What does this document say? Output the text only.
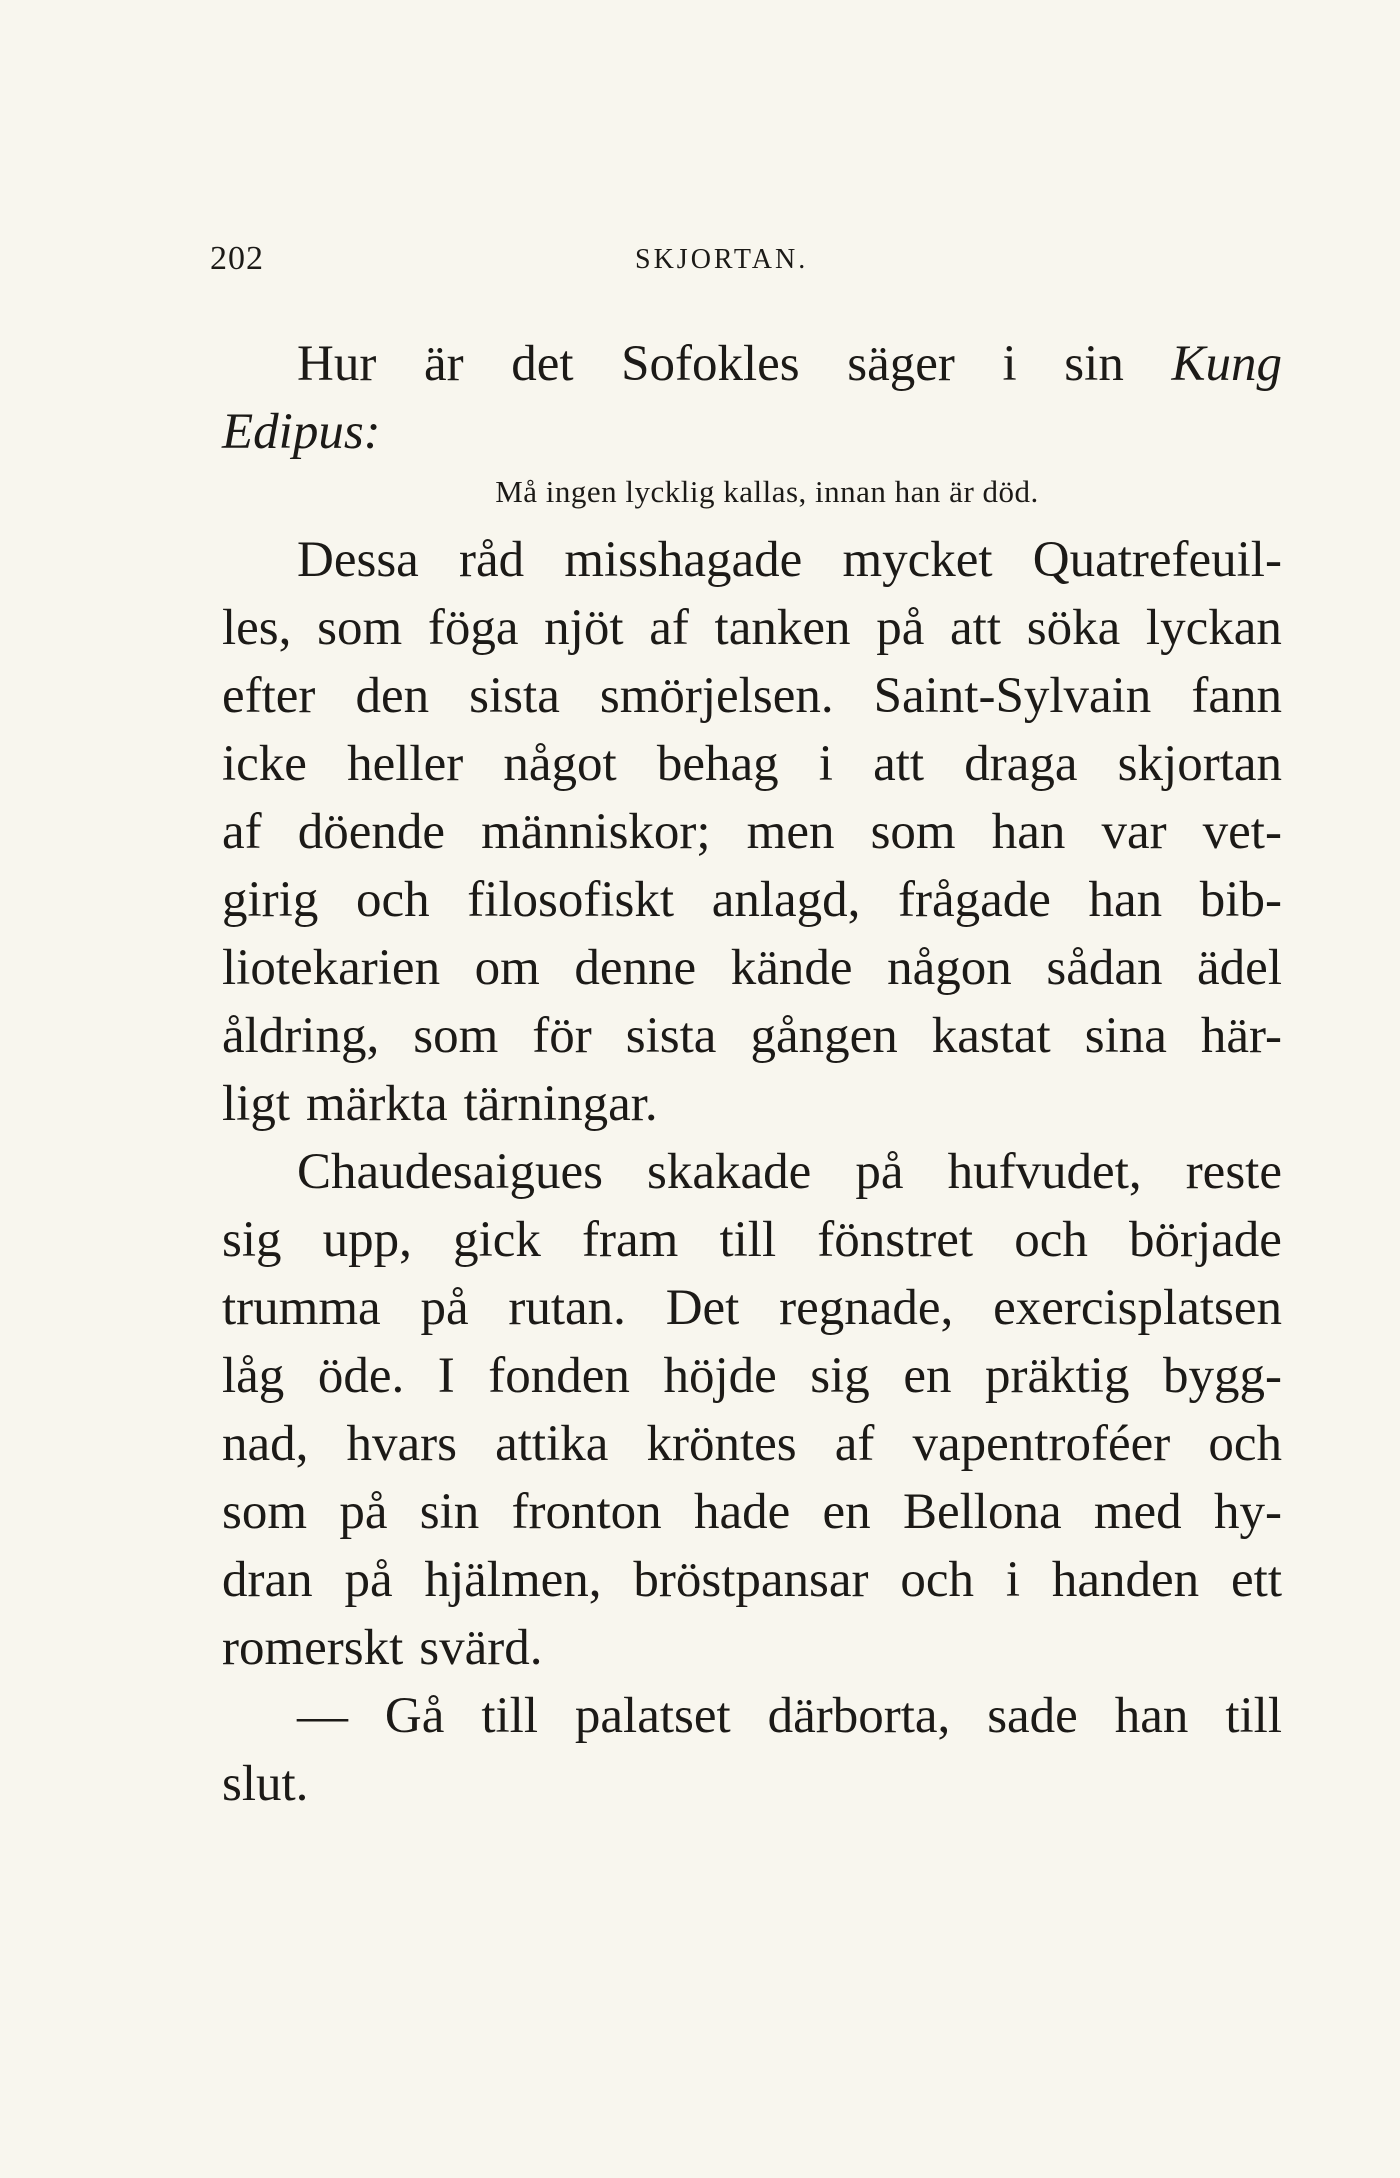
202	SKJORTAN.
Hur är det Sofokles säger i sin Kung
Edipus:
Må ingen lycklig kallas, innan han är död.
Dessa råd misshagade mycket Quatrefeuil-
les, som föga njöt af tanken på att söka lyckan
efter den sista smörjelsen. Saint-Sylvain fann
icke heller något behag i att draga skjortan
af döende människor; men som han var vet-
girig och filosofiskt anlagd, frågade han bib-
liotekarien om denne kände någon sådan ädel
åldring, som för sista gången kastat sina här-
ligt märkta tärningar.
Chaudesaigues skakade på hufvudet, reste
sig upp, gick fram till fönstret och började
trumma på rutan. Det regnade, exercisplatsen
låg öde. I fonden höjde sig en präktig bygg-
nad, hvars attika kröntes af vapentroféer och
som på sin fronton hade en Bellona med hy-
dran på hjälmen, bröstpansar och i handen ett
romerskt svärd.
— Gå till palatset därborta, sade han till
slut.
